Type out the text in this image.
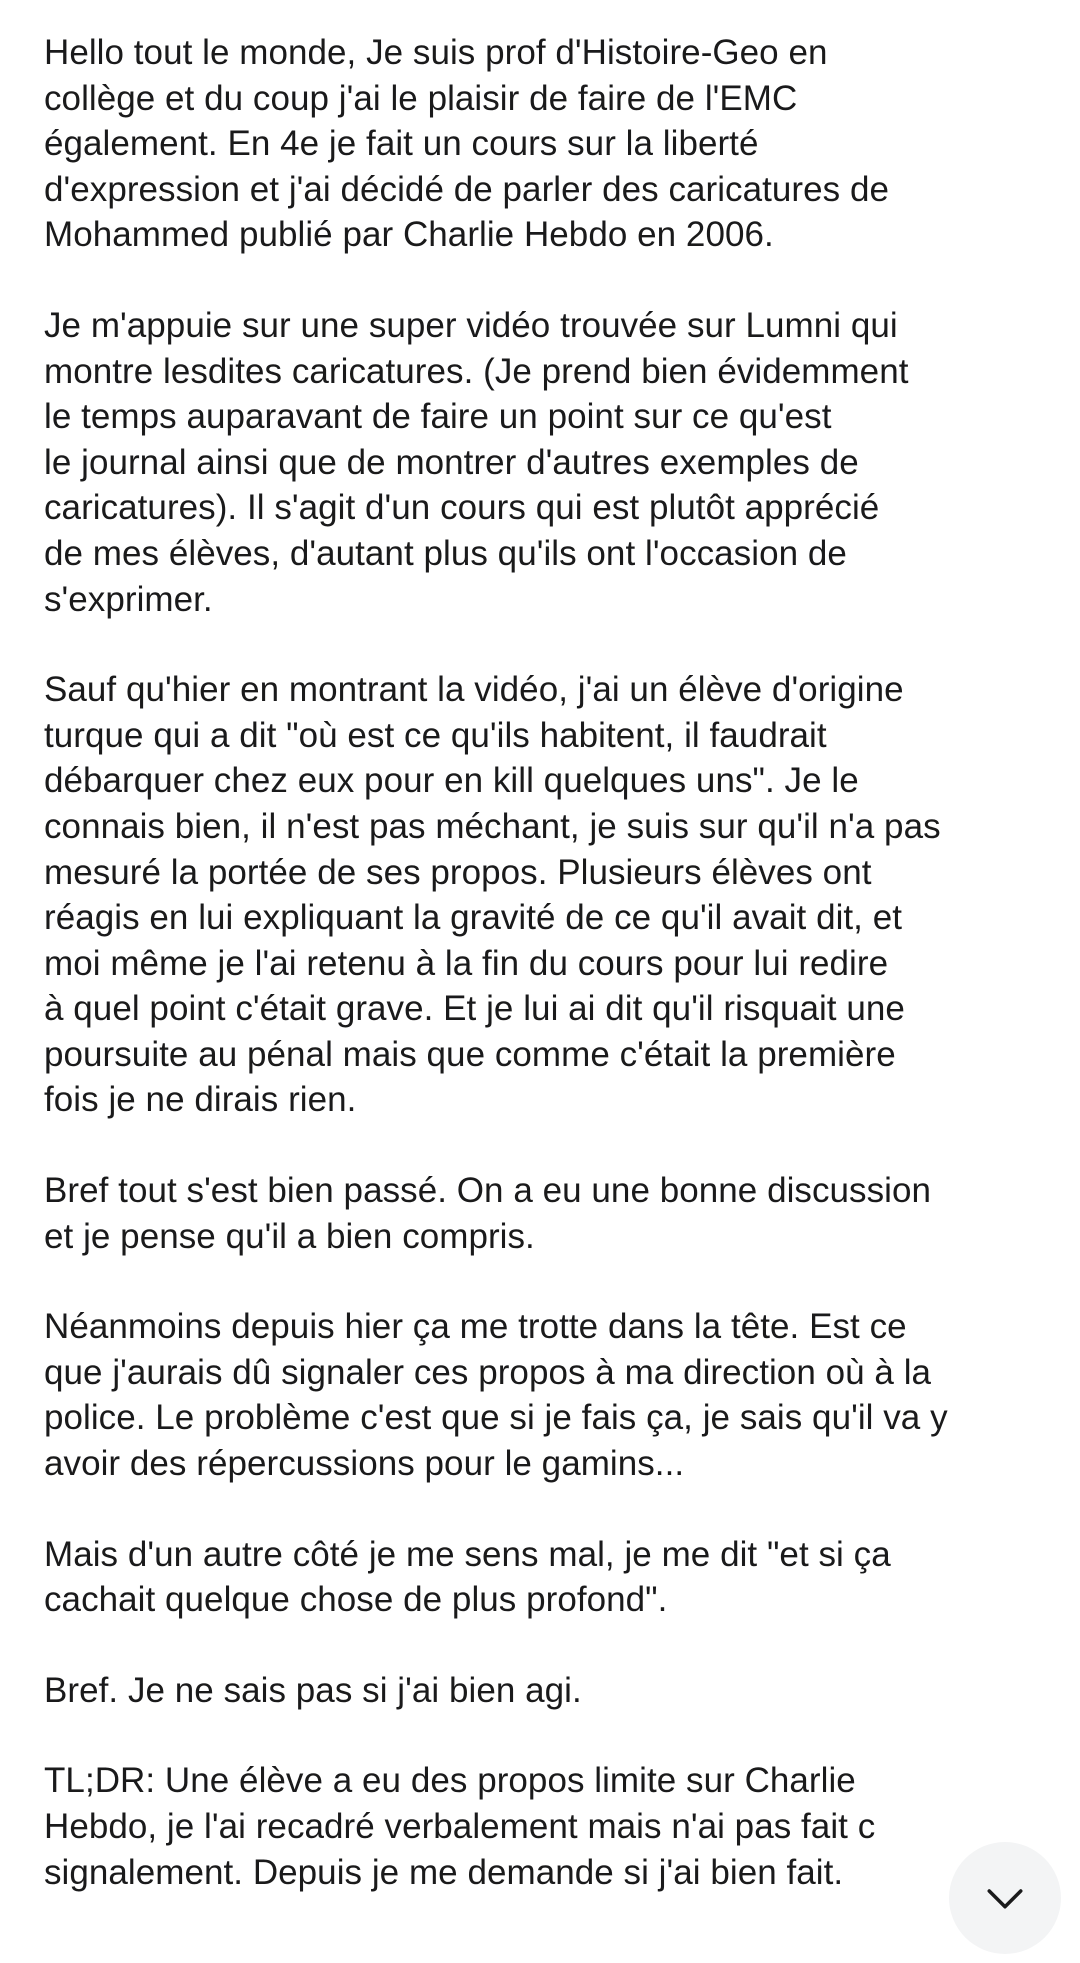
Hello tout le monde, Je suis prof d'Histoire-Geo en
collège et du coup j'ai le plaisir de faire de l'EMC
également. En 4e je fait un cours sur la liberté
d'expression et j'ai décidé de parler des caricatures de
Mohammed publié par Charlie Hebdo en 2006.

Je m'appuie sur une super vidéo trouvée sur Lumni qui
montre lesdites caricatures. (Je prend bien évidemment
le temps auparavant de faire un point sur ce qu'est
le journal ainsi que de montrer d'autres exemples de
caricatures). Il s'agit d'un cours qui est plutôt apprécié
de mes élèves, d'autant plus qu'ils ont l'occasion de
s'exprimer.

Sauf qu'hier en montrant la vidéo, j'ai un élève d'origine
turque qui a dit "où est ce qu'ils habitent, il faudrait
débarquer chez eux pour en kill quelques uns". Je le
connais bien, il n'est pas méchant, je suis sur qu'il n'a pas
mesuré la portée de ses propos. Plusieurs élèves ont
réagis en lui expliquant la gravité de ce qu'il avait dit, et
moi même je l'ai retenu à la fin du cours pour lui redire
à quel point c'était grave. Et je lui ai dit qu'il risquait une
poursuite au pénal mais que comme c'était la première
fois je ne dirais rien.

Bref tout s'est bien passé. On a eu une bonne discussion
et je pense qu'il a bien compris.

Néanmoins depuis hier ça me trotte dans la tête. Est ce
que j'aurais dû signaler ces propos à ma direction où à la
police. Le problème c'est que si je fais ça, je sais qu'il va y
avoir des répercussions pour le gamins...

Mais d'un autre côté je me sens mal, je me dit "et si ça
cachait quelque chose de plus profond".

Bref. Je ne sais pas si j'ai bien agi.

TL;DR: Une élève a eu des propos limite sur Charlie
Hebdo, je l'ai recadré verbalement mais n'ai pas fait c
signalement. Depuis je me demande si j'ai bien fait.
